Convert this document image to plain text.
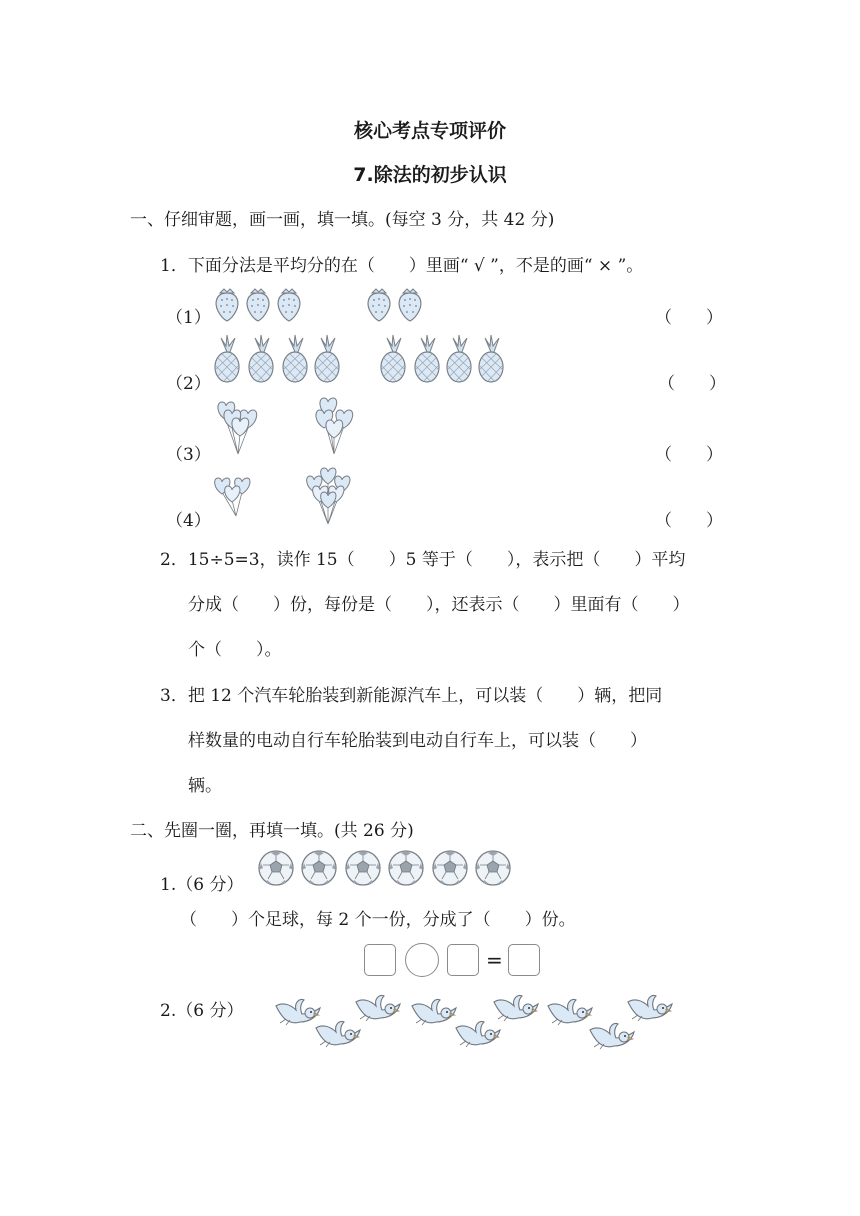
核心考点专项评价
7.除法的初步认识
一、仔细审题，画一画，填一填。(每空 3 分，共 42 分)
1．下面分法是平均分的在（　　）里画“ √ ”，不是的画“ × ”。
（1）	（　　）
（2）	（　　）
（3）	（　　）
（4）	（　　）
2．15÷5=3，读作 15（　　）5 等于（　　），表示把（　　）平均
分成（　　）份，每份是（　　），还表示（　　）里面有（　　）
个（　　）。
3．把 12 个汽车轮胎装到新能源汽车上，可以装（　　）辆，把同
样数量的电动自行车轮胎装到电动自行车上，可以装（　　）
辆。
二、先圈一圈，再填一填。(共 26 分)
1.（6 分）
（　　）个足球，每 2 个一份，分成了（　　）份。
=
2.（6 分）
